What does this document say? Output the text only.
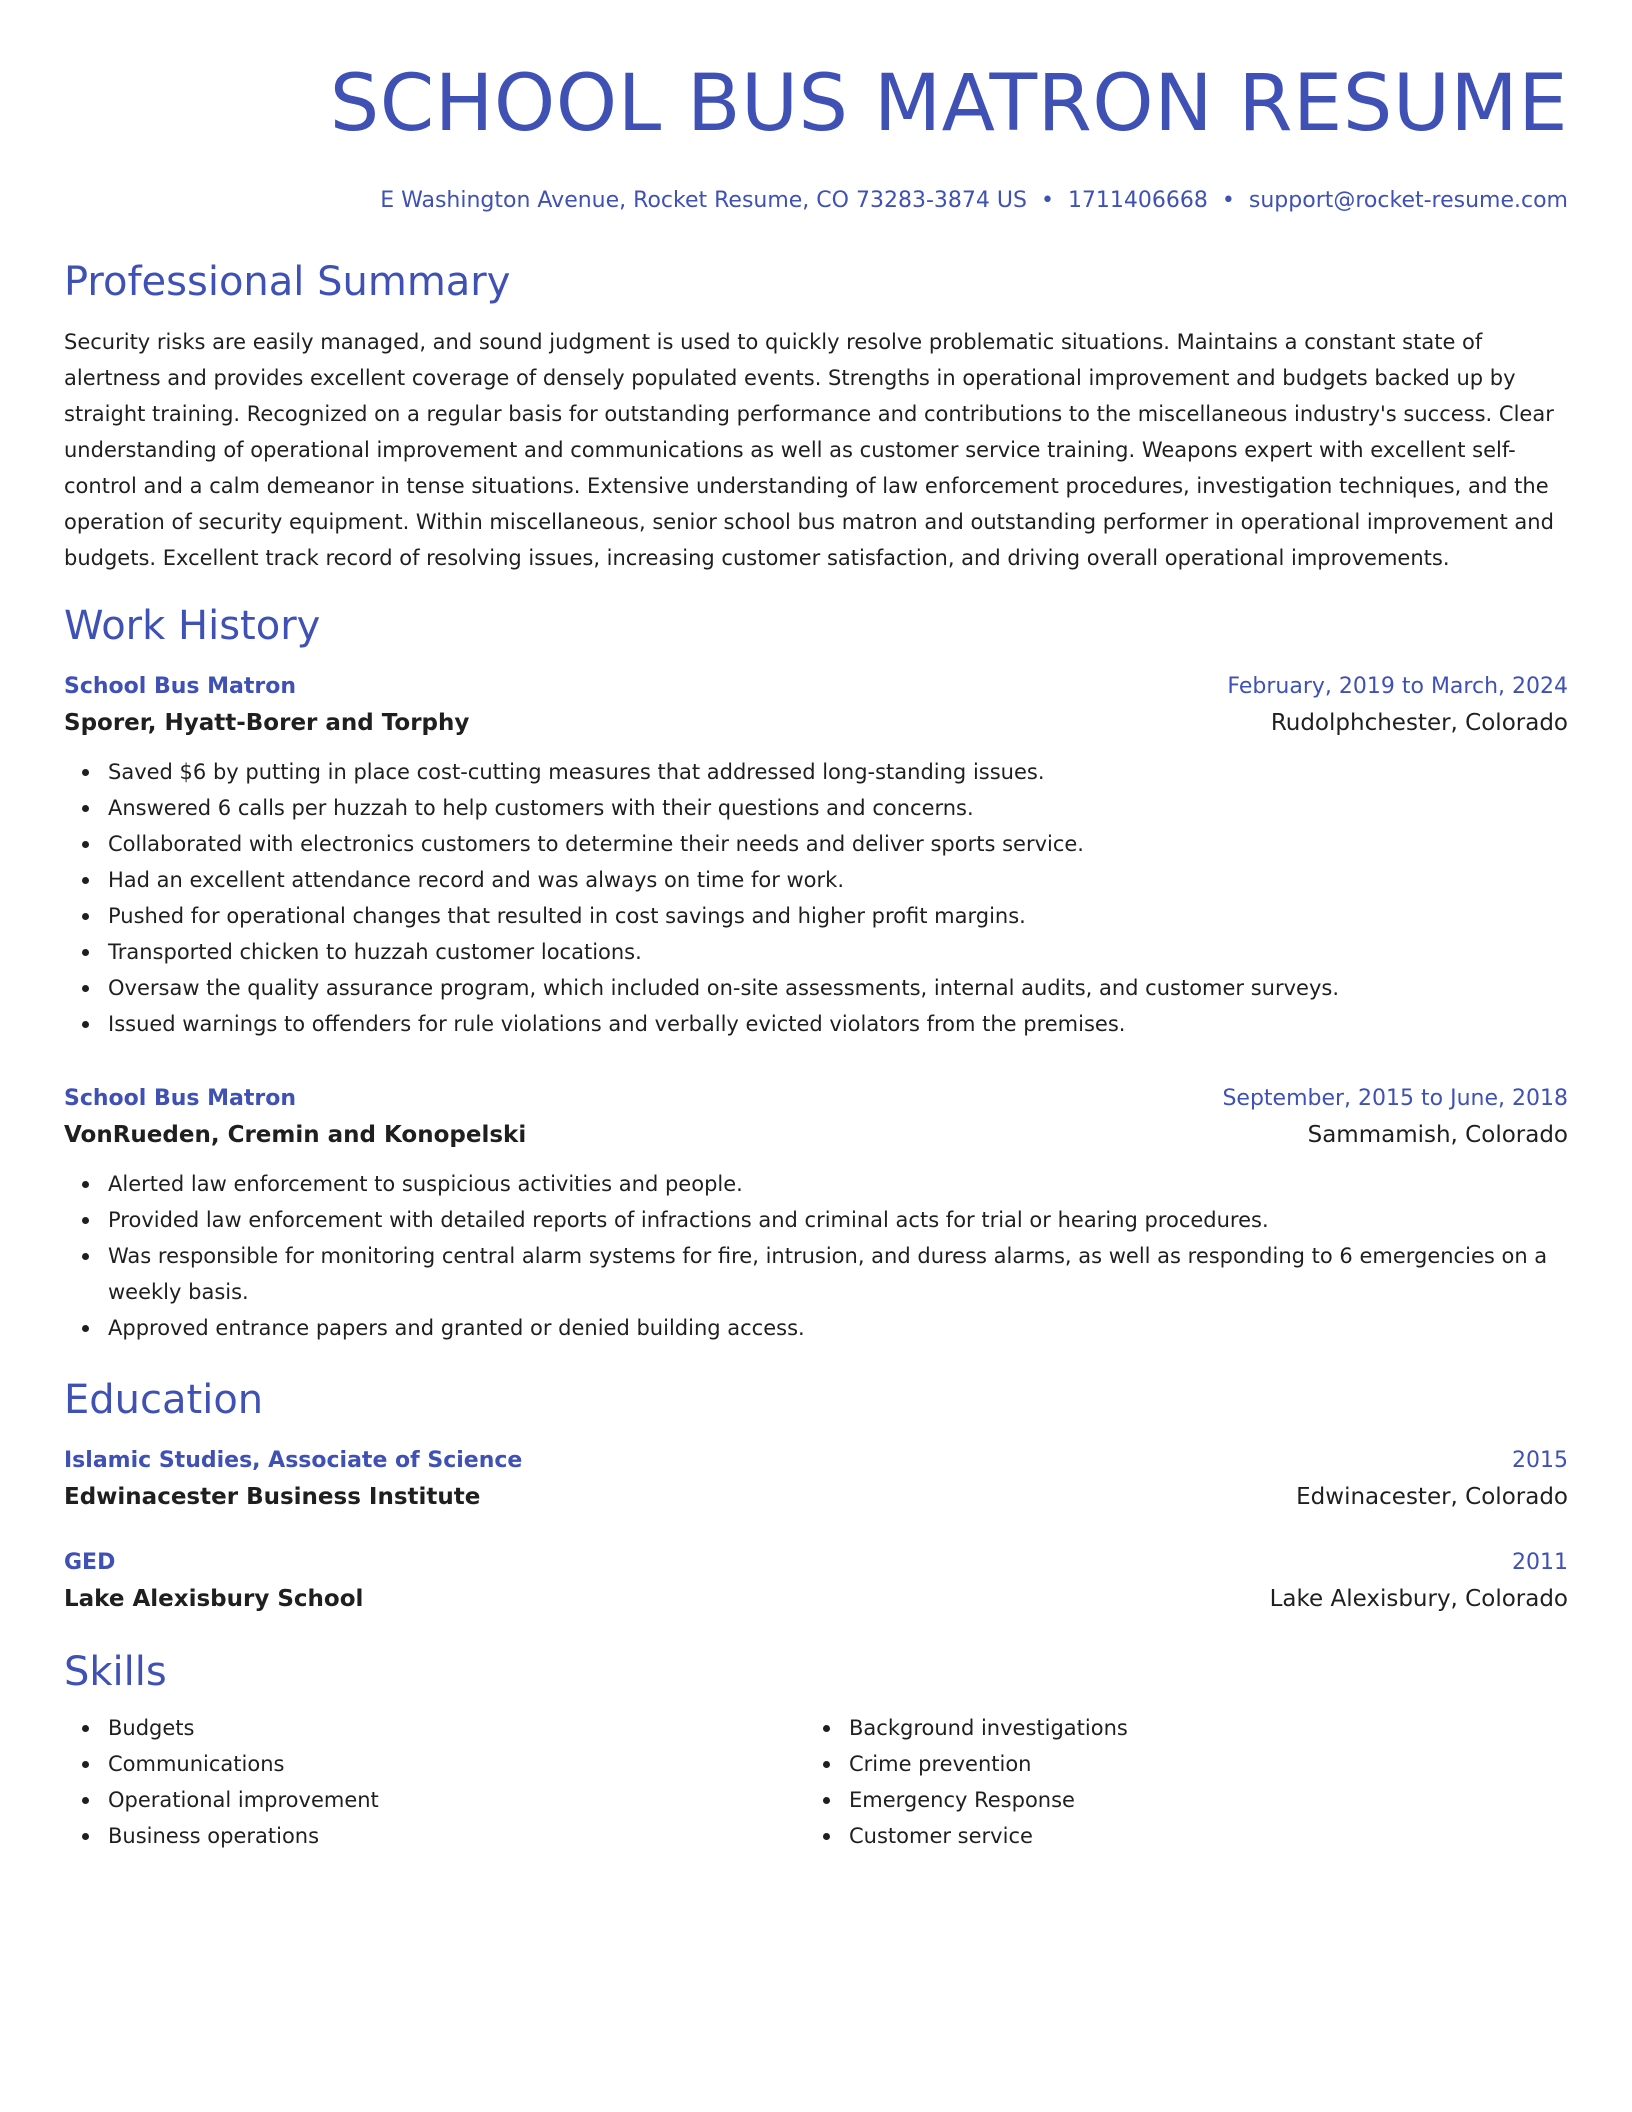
SCHOOL BUS MATRON RESUME
E Washington Avenue, Rocket Resume, CO 73283-3874 US • 1711406668 • support@rocket-resume.com
Professional Summary

Security risks are easily managed, and sound judgment is used to quickly resolve problematic situations. Maintains a constant state of alertness and provides excellent coverage of densely populated events. Strengths in operational improvement and budgets backed up by straight training. Recognized on a regular basis for outstanding performance and contributions to the miscellaneous industry's success. Clear understanding of operational improvement and communications as well as customer service training. Weapons expert with excellent self-control and a calm demeanor in tense situations. Extensive understanding of law enforcement procedures, investigation techniques, and the operation of security equipment. Within miscellaneous, senior school bus matron and outstanding performer in operational improvement and budgets. Excellent track record of resolving issues, increasing customer satisfaction, and driving overall operational improvements.

Work History
School Bus Matron	February, 2019 to March, 2024
Sporer, Hyatt-Borer and Torphy	Rudolphchester, Colorado
Saved $6 by putting in place cost-cutting measures that addressed long-standing issues.
Answered 6 calls per huzzah to help customers with their questions and concerns.
Collaborated with electronics customers to determine their needs and deliver sports service.
Had an excellent attendance record and was always on time for work.
Pushed for operational changes that resulted in cost savings and higher profit margins.
Transported chicken to huzzah customer locations.
Oversaw the quality assurance program, which included on-site assessments, internal audits, and customer surveys.
Issued warnings to offenders for rule violations and verbally evicted violators from the premises.
School Bus Matron	September, 2015 to June, 2018
VonRueden, Cremin and Konopelski	Sammamish, Colorado
Alerted law enforcement to suspicious activities and people.
Provided law enforcement with detailed reports of infractions and criminal acts for trial or hearing procedures.
Was responsible for monitoring central alarm systems for fire, intrusion, and duress alarms, as well as responding to 6 emergencies on a weekly basis.
Approved entrance papers and granted or denied building access.
Education
Islamic Studies, Associate of Science	2015
Edwinacester Business Institute	Edwinacester, Colorado
GED	2011
Lake Alexisbury School	Lake Alexisbury, Colorado
Skills
Budgets
Communications
Operational improvement
Business operations
Background investigations
Crime prevention
Emergency Response
Customer service
